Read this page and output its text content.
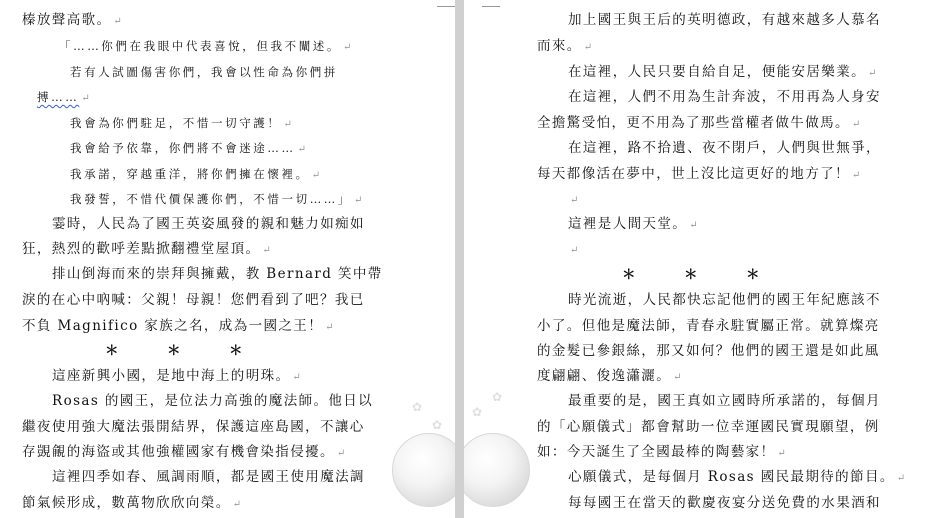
榛放聲高歌。 ↵
「……你們在我眼中代表喜悅，但我不闡述。 ↵
若有人試圖傷害你們，我會以性命為你們拼
搏…… ↵
我會為你們駐足，不惜一切守護！ ↵
我會給予依靠，你們將不會迷途…… ↵
我承諾，穿越重洋，將你們擁在懷裡。 ↵
我發誓，不惜代價保護你們，不惜一切……」 ↵
霎時，人民為了國王英姿風發的親和魅力如痴如
狂，熱烈的歡呼差點掀翻禮堂屋頂。 ↵
排山倒海而來的崇拜與擁戴，教 Bernard 笑中帶
淚的在心中吶喊：父親！母親！您們看到了吧？我已
不負 Magnifico 家族之名，成為一國之王！ ↵
＊	＊	＊
這座新興小國，是地中海上的明珠。 ↵
Rosas 的國王，是位法力高強的魔法師。他日以
繼夜使用強大魔法張開結界，保護這座島國，不讓心
存覬覦的海盜或其他強權國家有機會染指侵擾。 ↵
這裡四季如春、風調雨順，都是國王使用魔法調
節氣候形成，數萬物欣欣向榮。 ↵
✿
✿
加上國王與王后的英明德政，有越來越多人慕名
而來。 ↵
在這裡，人民只要自給自足，便能安居樂業。 ↵
在這裡，人們不用為生計奔波，不用再為人身安
全擔驚受怕，更不用為了那些當權者做牛做馬。 ↵
在這裡，路不拾遺、夜不閉戶，人們與世無爭，
每天都像活在夢中，世上沒比這更好的地方了！ ↵
↵
這裡是人間天堂。 ↵
↵
＊	＊	＊
時光流逝，人民都快忘記他們的國王年紀應該不
小了。但他是魔法師，青春永駐實屬正常。就算燦亮
的金髮已參銀絲，那又如何？他們的國王還是如此風
度翩翩、俊逸瀟灑。 ↵
最重要的是，國王真如立國時所承諾的，每個月
的「心願儀式」都會幫助一位幸運國民實現願望，例
如：今天誕生了全國最棒的陶藝家！ ↵
心願儀式，是每個月 Rosas 國民最期待的節目。 ↵
每每國王在當天的歡慶夜宴分送免費的水果酒和
✿
✿
